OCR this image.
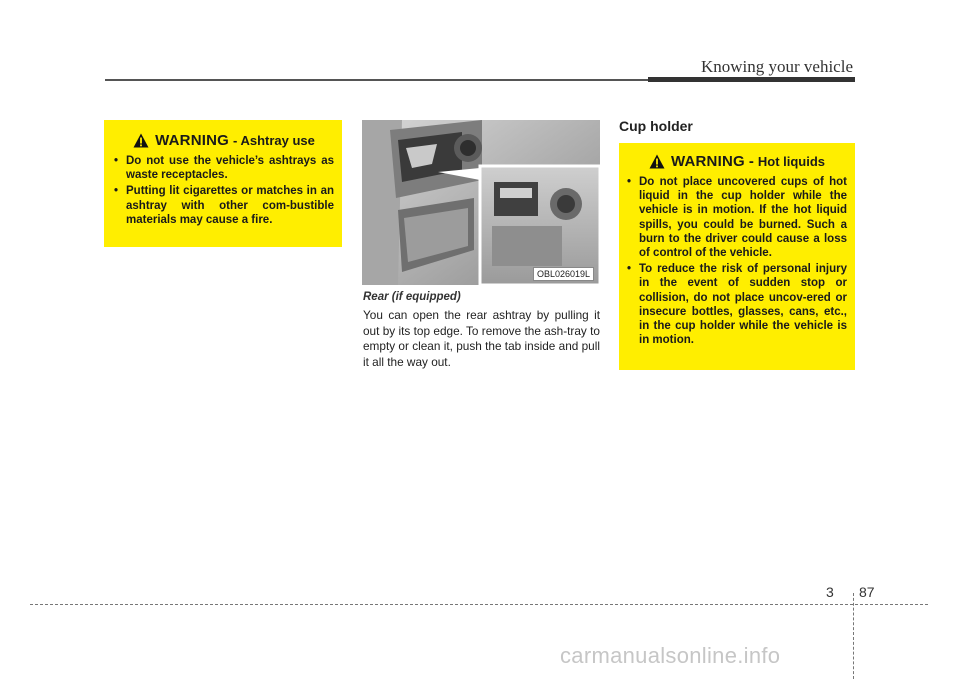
Knowing your vehicle
WARNING - Ashtray use
• Do not use the vehicle’s ashtrays as waste receptacles.
• Putting lit cigarettes or matches in an ashtray with other com-bustible materials may cause a fire.
OBL026019L
Rear (if equipped)
You can open the rear ashtray by pulling it out by its top edge. To remove the ash-tray to empty or clean it, push the tab inside and pull it all the way out.
Cup holder
WARNING - Hot liquids
• Do not place uncovered cups of hot liquid in the cup holder while the vehicle is in motion. If the hot liquid spills, you could be burned. Such a burn to the driver could cause a loss of control of the vehicle.
• To reduce the risk of personal injury in the event of sudden stop or collision, do not place uncov-ered or insecure bottles, glasses, cans, etc., in the cup holder while the vehicle is in motion.
3 87
carmanualsonline.info
